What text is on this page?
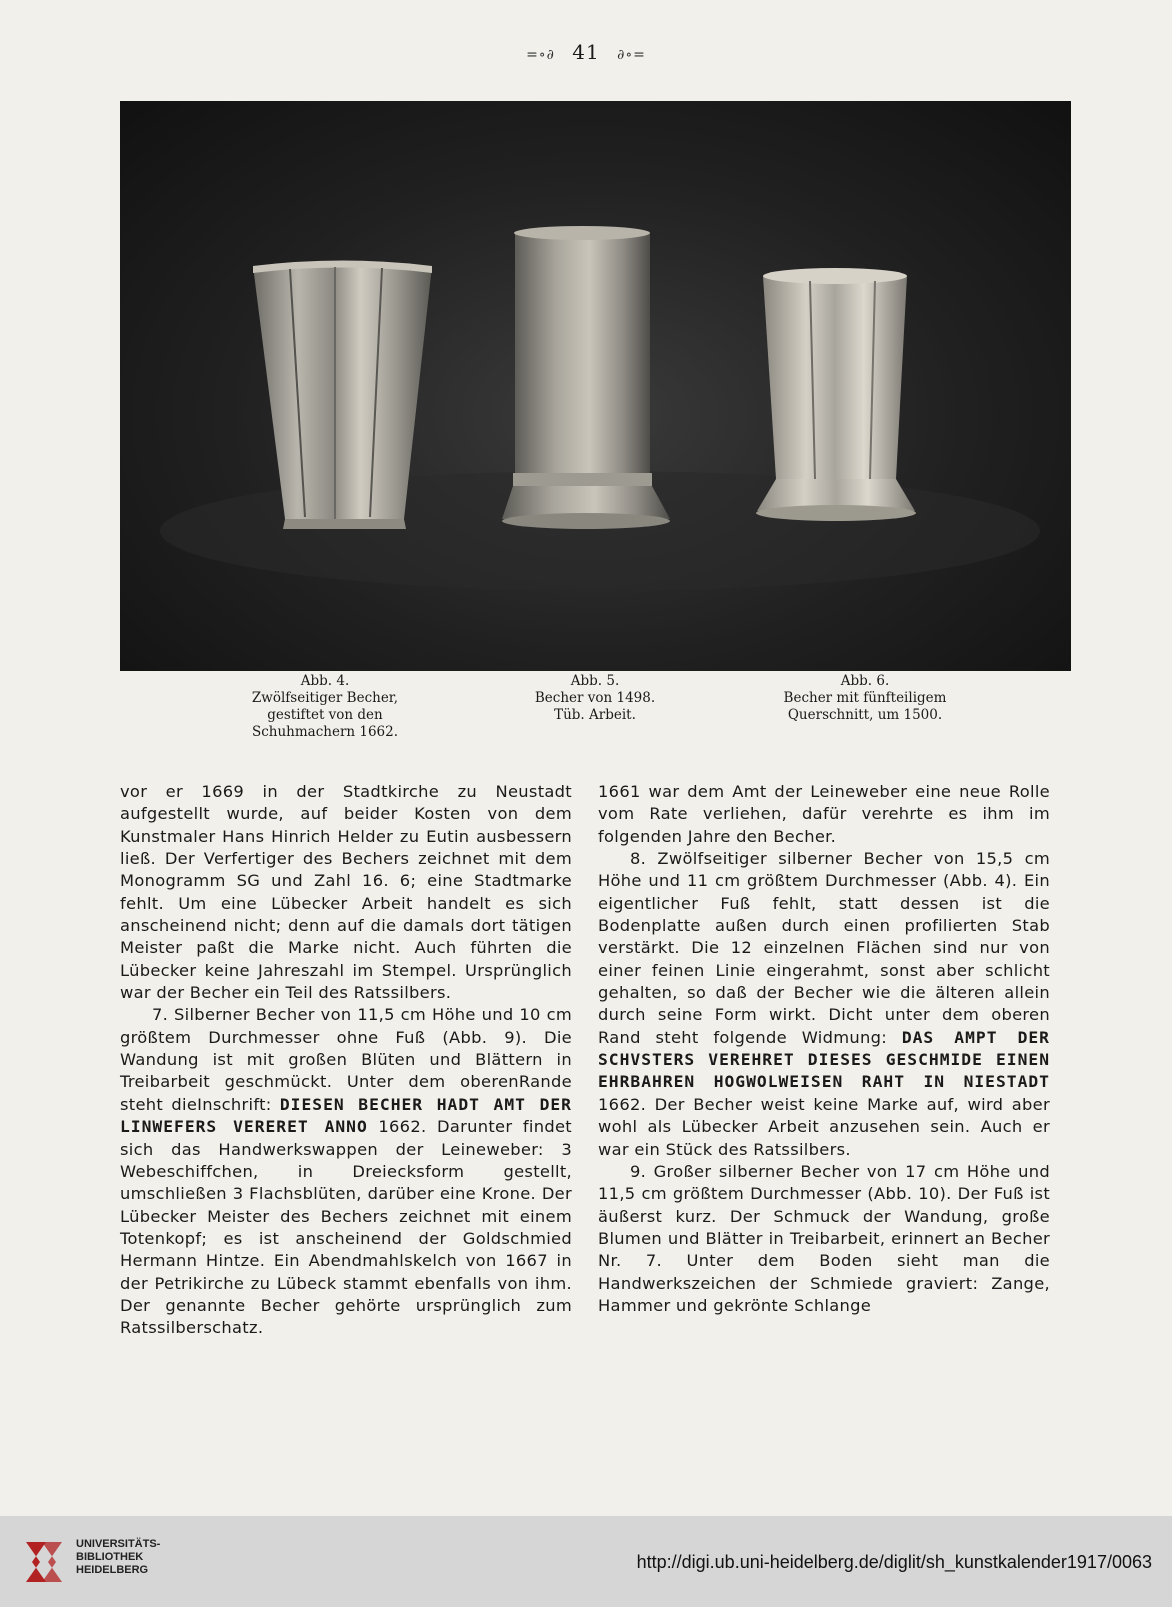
=∘∂ 41 ∂∘=
Abb. 4.
Zwölfseitiger Becher,
gestiftet von den
Schuhmachern 1662.
Abb. 5.
Becher von 1498.
Tüb. Arbeit.
Abb. 6.
Becher mit fünfteiligem
Querschnitt, um 1500.

vor er 1669 in der Stadtkirche zu Neustadt aufgestellt wurde, auf beider Kosten von dem Kunstmaler Hans Hinrich Helder zu Eutin ausbessern ließ. Der Verfertiger des Bechers zeichnet mit dem Monogramm SG und Zahl 16. 6; eine Stadtmarke fehlt. Um eine Lübecker Arbeit handelt es sich anscheinend nicht; denn auf die damals dort tätigen Meister paßt die Marke nicht. Auch führten die Lübecker keine Jahreszahl im Stempel. Ursprünglich war der Becher ein Teil des Ratssilbers.

7. Silberner Becher von 11,5 cm Höhe und 10 cm größtem Durchmesser ohne Fuß (Abb. 9). Die Wandung ist mit großen Blüten und Blättern in Treibarbeit geschmückt. Unter dem oberenRande steht dieInschrift: DIESEN BECHER HADT AMT DER LINWEFERS VERERET ANNO 1662. Darunter findet sich das Handwerkswappen der Leineweber: 3 Webeschiffchen, in Dreiecksform gestellt, umschließen 3 Flachsblüten, darüber eine Krone. Der Lübecker Meister des Bechers zeichnet mit einem Totenkopf; es ist anscheinend der Goldschmied Hermann Hintze. Ein Abendmahlskelch von 1667 in der Petrikirche zu Lübeck stammt ebenfalls von ihm. Der genannte Becher gehörte ursprünglich zum Ratssilberschatz.

1661 war dem Amt der Leineweber eine neue Rolle vom Rate verliehen, dafür verehrte es ihm im folgenden Jahre den Becher.

8. Zwölfseitiger silberner Becher von 15,5 cm Höhe und 11 cm größtem Durchmesser (Abb. 4). Ein eigentlicher Fuß fehlt, statt dessen ist die Bodenplatte außen durch einen profilierten Stab verstärkt. Die 12 einzelnen Flächen sind nur von einer feinen Linie eingerahmt, sonst aber schlicht gehalten, so daß der Becher wie die älteren allein durch seine Form wirkt. Dicht unter dem oberen Rand steht folgende Widmung: DAS AMPT DER SCHVSTERS VEREHRET DIESES GESCHMIDE EINEN EHRBAHREN HOGWOLWEISEN RAHT IN NIESTADT 1662. Der Becher weist keine Marke auf, wird aber wohl als Lübecker Arbeit anzusehen sein. Auch er war ein Stück des Ratssilbers.

9. Großer silberner Becher von 17 cm Höhe und 11,5 cm größtem Durchmesser (Abb. 10). Der Fuß ist äußerst kurz. Der Schmuck der Wandung, große Blumen und Blätter in Treibarbeit, erinnert an Becher Nr. 7. Unter dem Boden sieht man die Handwerkszeichen der Schmiede graviert: Zange, Hammer und gekrönte Schlange

UNIVERSITÄTS-
BIBLIOTHEK
HEIDELBERG	http://digi.ub.uni-heidelberg.de/diglit/sh_kunstkalender1917/0063
